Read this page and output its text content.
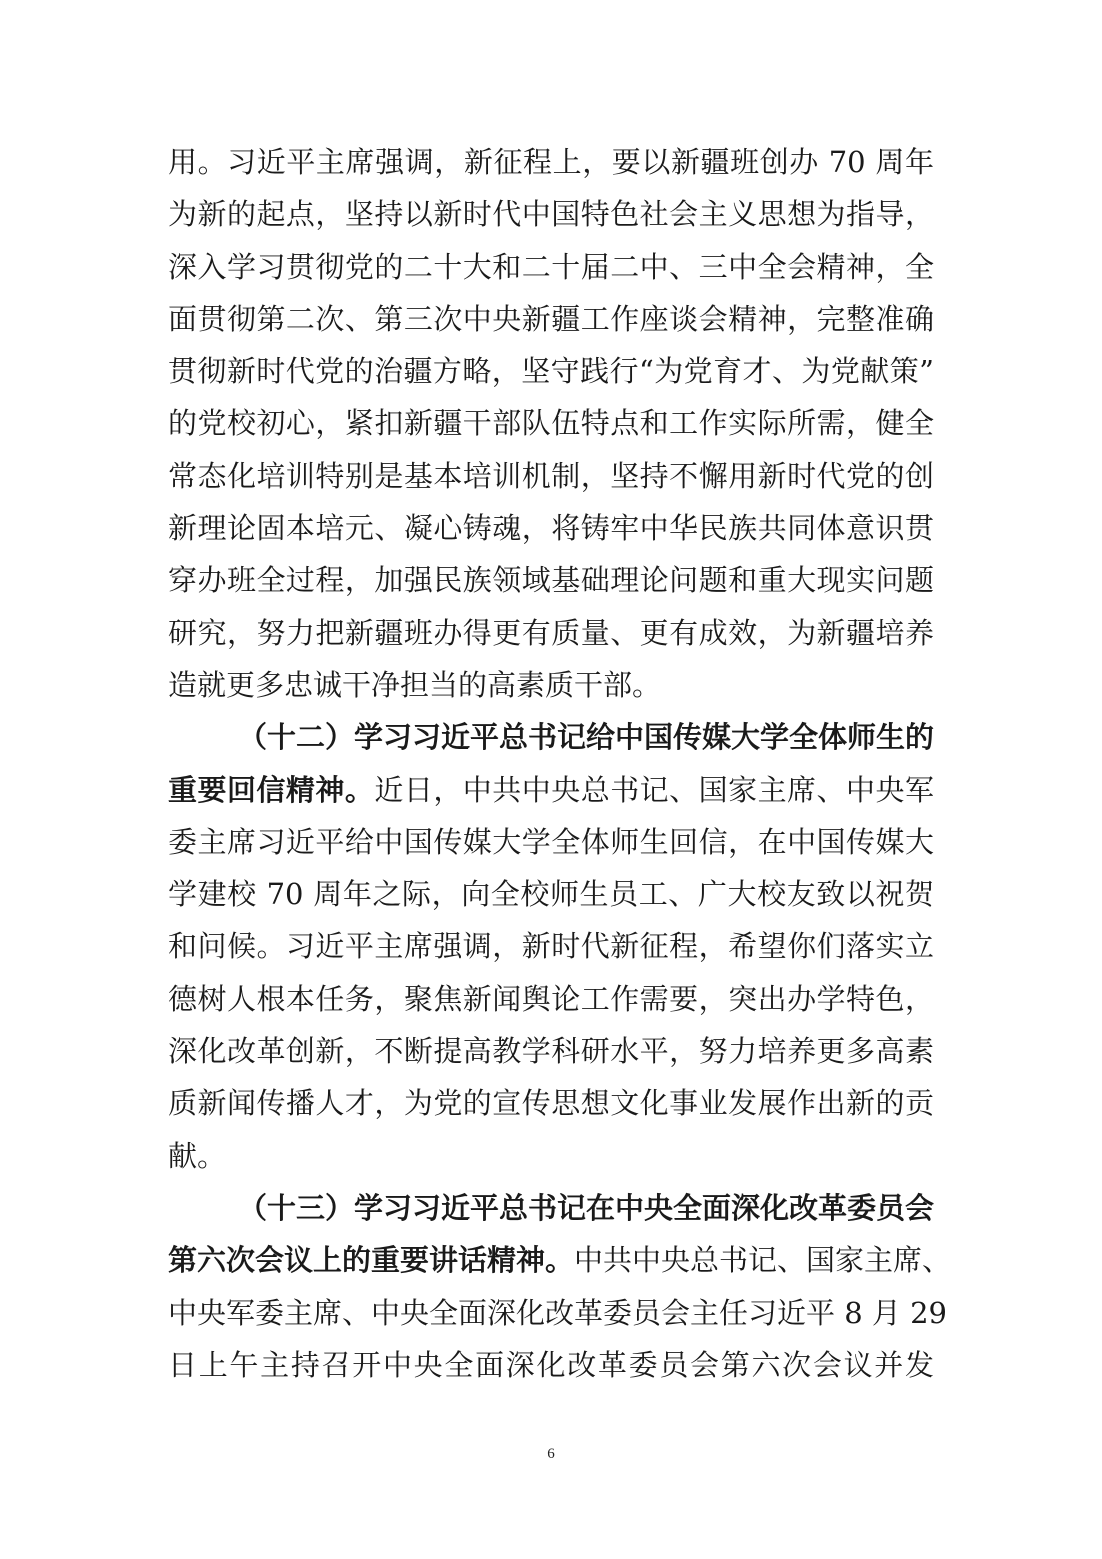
用。习近平主席强调，新征程上，要以新疆班创办 70 周年
为新的起点，坚持以新时代中国特色社会主义思想为指导，
深入学习贯彻党的二十大和二十届二中、三中全会精神，全
面贯彻第二次、第三次中央新疆工作座谈会精神，完整准确
贯彻新时代党的治疆方略，坚守践行“为党育才、为党献策”
的党校初心，紧扣新疆干部队伍特点和工作实际所需，健全
常态化培训特别是基本培训机制，坚持不懈用新时代党的创
新理论固本培元、凝心铸魂，将铸牢中华民族共同体意识贯
穿办班全过程，加强民族领域基础理论问题和重大现实问题
研究，努力把新疆班办得更有质量、更有成效，为新疆培养
造就更多忠诚干净担当的高素质干部。
（十二）学习习近平总书记给中国传媒大学全体师生的
重要回信精神。近日，中共中央总书记、国家主席、中央军
委主席习近平给中国传媒大学全体师生回信，在中国传媒大
学建校 70 周年之际，向全校师生员工、广大校友致以祝贺
和问候。习近平主席强调，新时代新征程，希望你们落实立
德树人根本任务，聚焦新闻舆论工作需要，突出办学特色，
深化改革创新，不断提高教学科研水平，努力培养更多高素
质新闻传播人才，为党的宣传思想文化事业发展作出新的贡
献。
（十三）学习习近平总书记在中央全面深化改革委员会
第六次会议上的重要讲话精神。中共中央总书记、国家主席、
中央军委主席、中央全面深化改革委员会主任习近平 8 月 29
日上午主持召开中央全面深化改革委员会第六次会议并发
6
